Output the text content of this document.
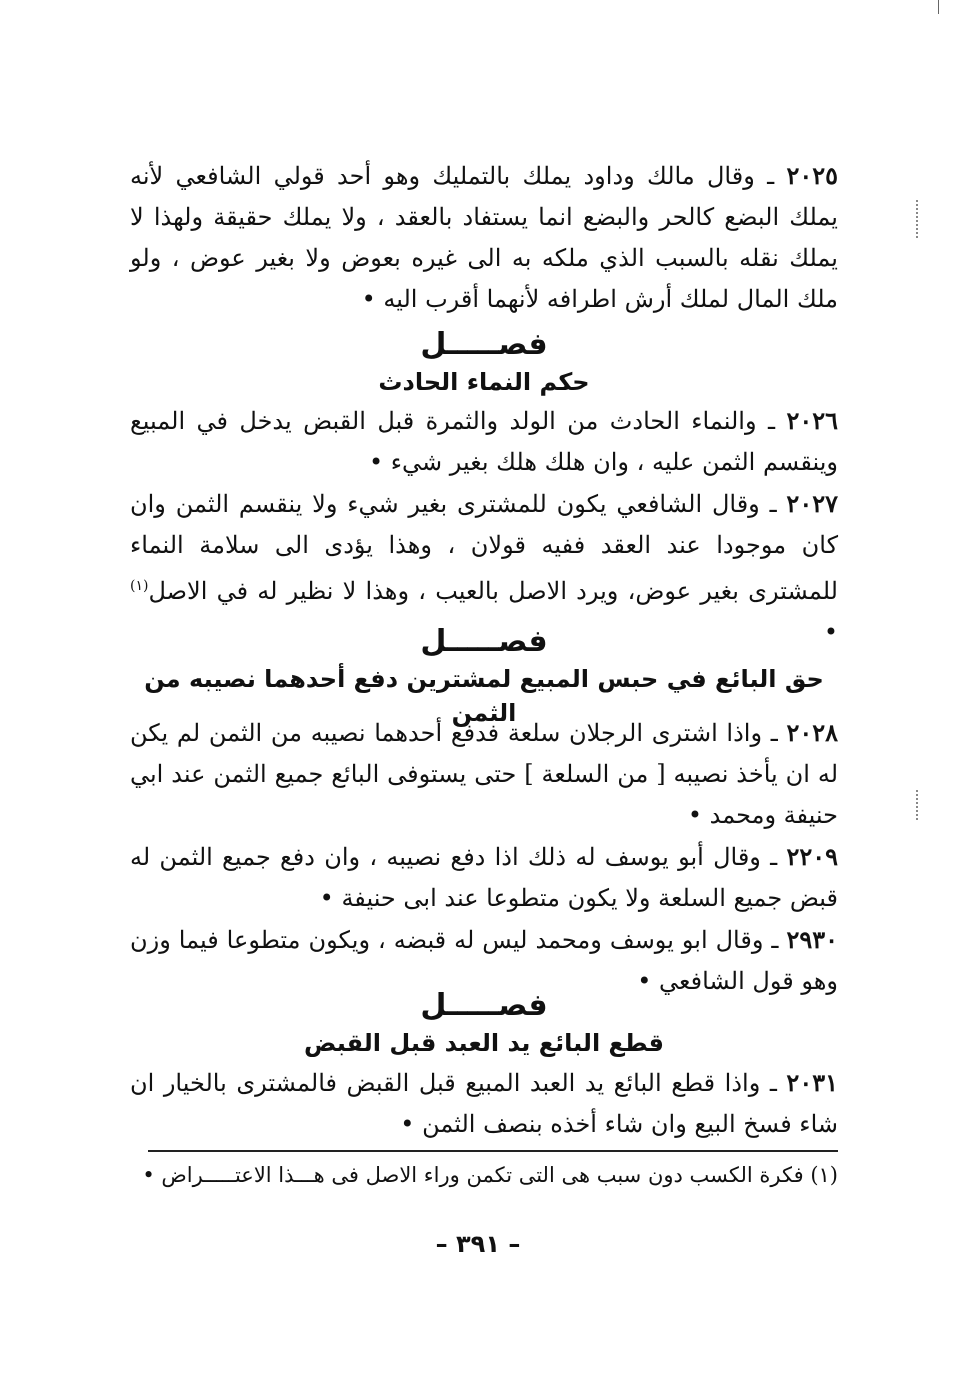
٢٠٢٥ ـ وقال مالك وداود يملك بالتمليك وهو أحد قولي الشافعي لأنه يملك البضع كالحر والبضع انما يستفاد بالعقد ، ولا يملك حقيقة ولهذا لا يملك نقله بالسبب الذي ملكه به الى غيره بعوض ولا بغير عوض ، ولو ملك المال لملك أرش اطرافه لأنهما أقرب اليه •

فصـــــل
حكم النماء الحادث

٢٠٢٦ ـ والنماء الحادث من الولد والثمرة قبل القبض يدخل في المبيع وينقسم الثمن عليه ، وان هلك هلك بغير شيء •

٢٠٢٧ ـ وقال الشافعي يكون للمشترى بغير شيء ولا ينقسم الثمن وان كان موجودا عند العقد ففيه قولان ، وهذا يؤدى الى سلامة النماء للمشترى بغير عوض، ويرد الاصل بالعيب ، وهذا لا نظير له في الاصل$^{(١)}$ •

فصـــــل
حق البائع في حبس المبيع لمشترين دفع أحدهما نصيبه من الثمن

٢٠٢٨ ـ واذا اشترى الرجلان سلعة فدفع أحدهما نصيبه من الثمن لم يكن له ان يأخذ نصيبه [ من السلعة ] حتى يستوفى البائع جميع الثمن عند ابي حنيفة ومحمد •

٢٢٠٩ ـ وقال أبو يوسف له ذلك اذا دفع نصيبه ، وان دفع جميع الثمن له قبض جميع السلعة ولا يكون متطوعا عند ابى حنيفة •

٢٩٣٠ ـ وقال ابو يوسف ومحمد ليس له قبضه ، ويكون متطوعا فيما وزن وهو قول الشافعي •

فصـــــل
قطع البائع يد العبد قبل القبض

٢٠٣١ ـ واذا قطع البائع يد العبد المبيع قبل القبض فالمشترى بالخيار ان شاء فسخ البيع وان شاء أخذه بنصف الثمن •

(١) فكرة الكسب دون سبب هى التى تكمن وراء الاصل فى هـــذا الاعتـــــراض •
– ٣٩١ –
